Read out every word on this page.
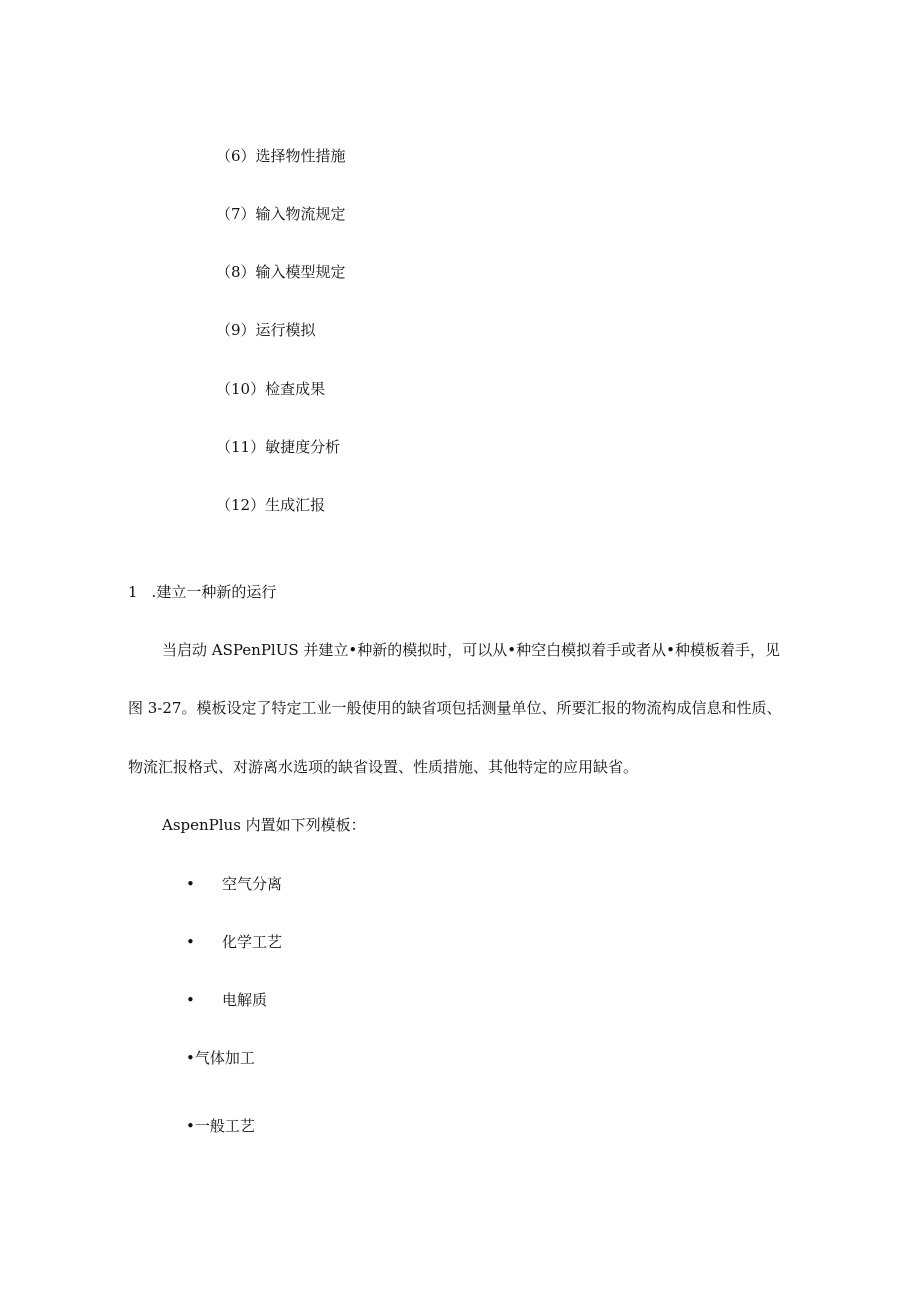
（6）选择物性措施
（7）输入物流规定
（8）输入模型规定
（9）运行模拟
（10）检查成果
（11）敏捷度分析
（12）生成汇报
1 .建立一种新的运行
当启动 ASPenPlUS 并建立•种新的模拟时，可以从•种空白模拟着手或者从•种模板着手，见
图 3-27。模板设定了特定工业一般使用的缺省项包括测量单位、所要汇报的物流构成信息和性质、
物流汇报格式、对游离水选项的缺省设置、性质措施、其他特定的应用缺省。
AspenPlus 内置如下列模板：
• 空气分离
• 化学工艺
• 电解质
•气体加工
•一般工艺
